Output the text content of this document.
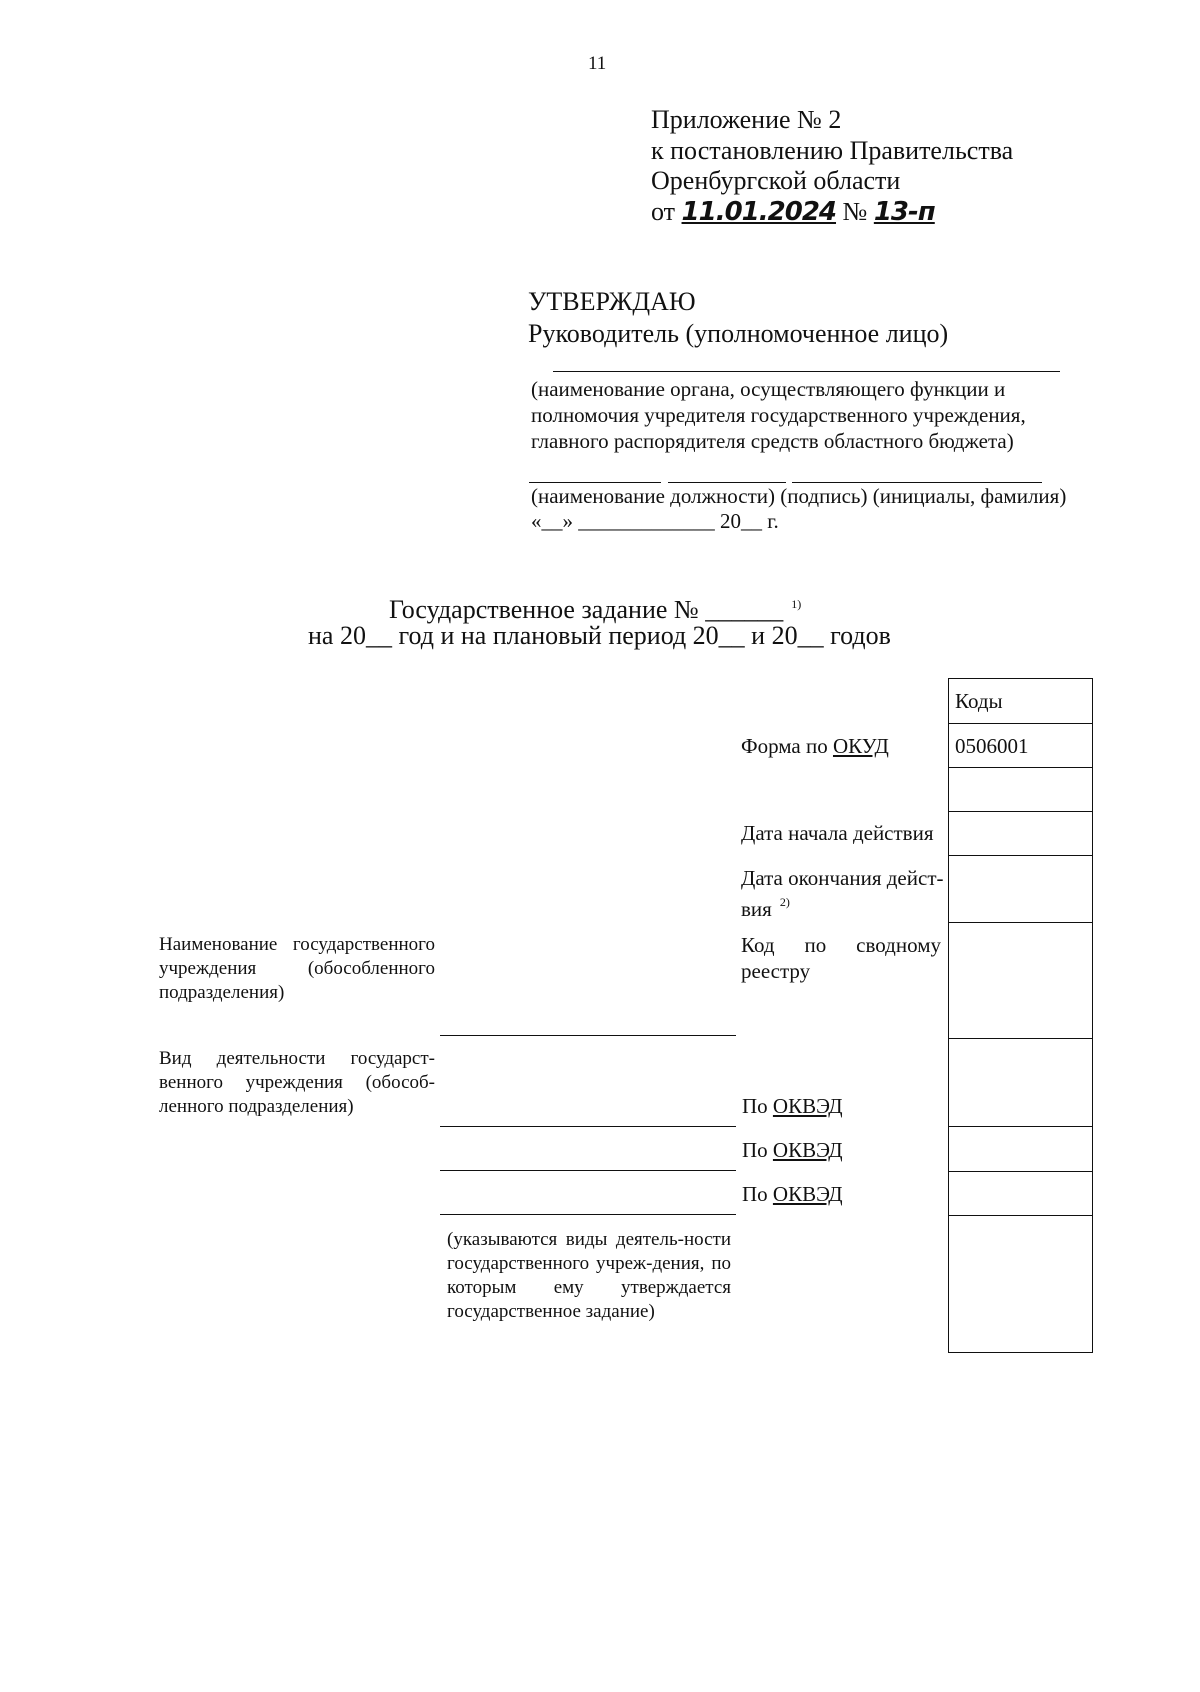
11
Приложение № 2
к постановлению Правительства
Оренбургской области
от 11.01.2024 № 13-п
УТВЕРЖДАЮ
Руководитель (уполномоченное лицо)
(наименование органа, осуществляющего функции и
полномочия учредителя государственного учреждения,
главного распорядителя средств областного бюджета)
(наименование должности) (подпись) (инициалы, фамилия)
«__» _____________ 20__ г.
Государственное задание № ______ $^{1)}$
на 20__ год и на плановый период 20__ и 20__ годов
Коды
0506001
Форма по ОКУД
Дата начала действия
Дата окончания дейст-
вия $^{2)}$
Код по сводному реестру
По ОКВЭД
По ОКВЭД
По ОКВЭД
Наименование государственного учреждения (обособленного подразделения)
Вид деятельности государст-венного учреждения (обособ-ленного подразделения)
(указываются виды деятель-ности государственного учреж-дения, по которым ему утверждается государственное задание)
